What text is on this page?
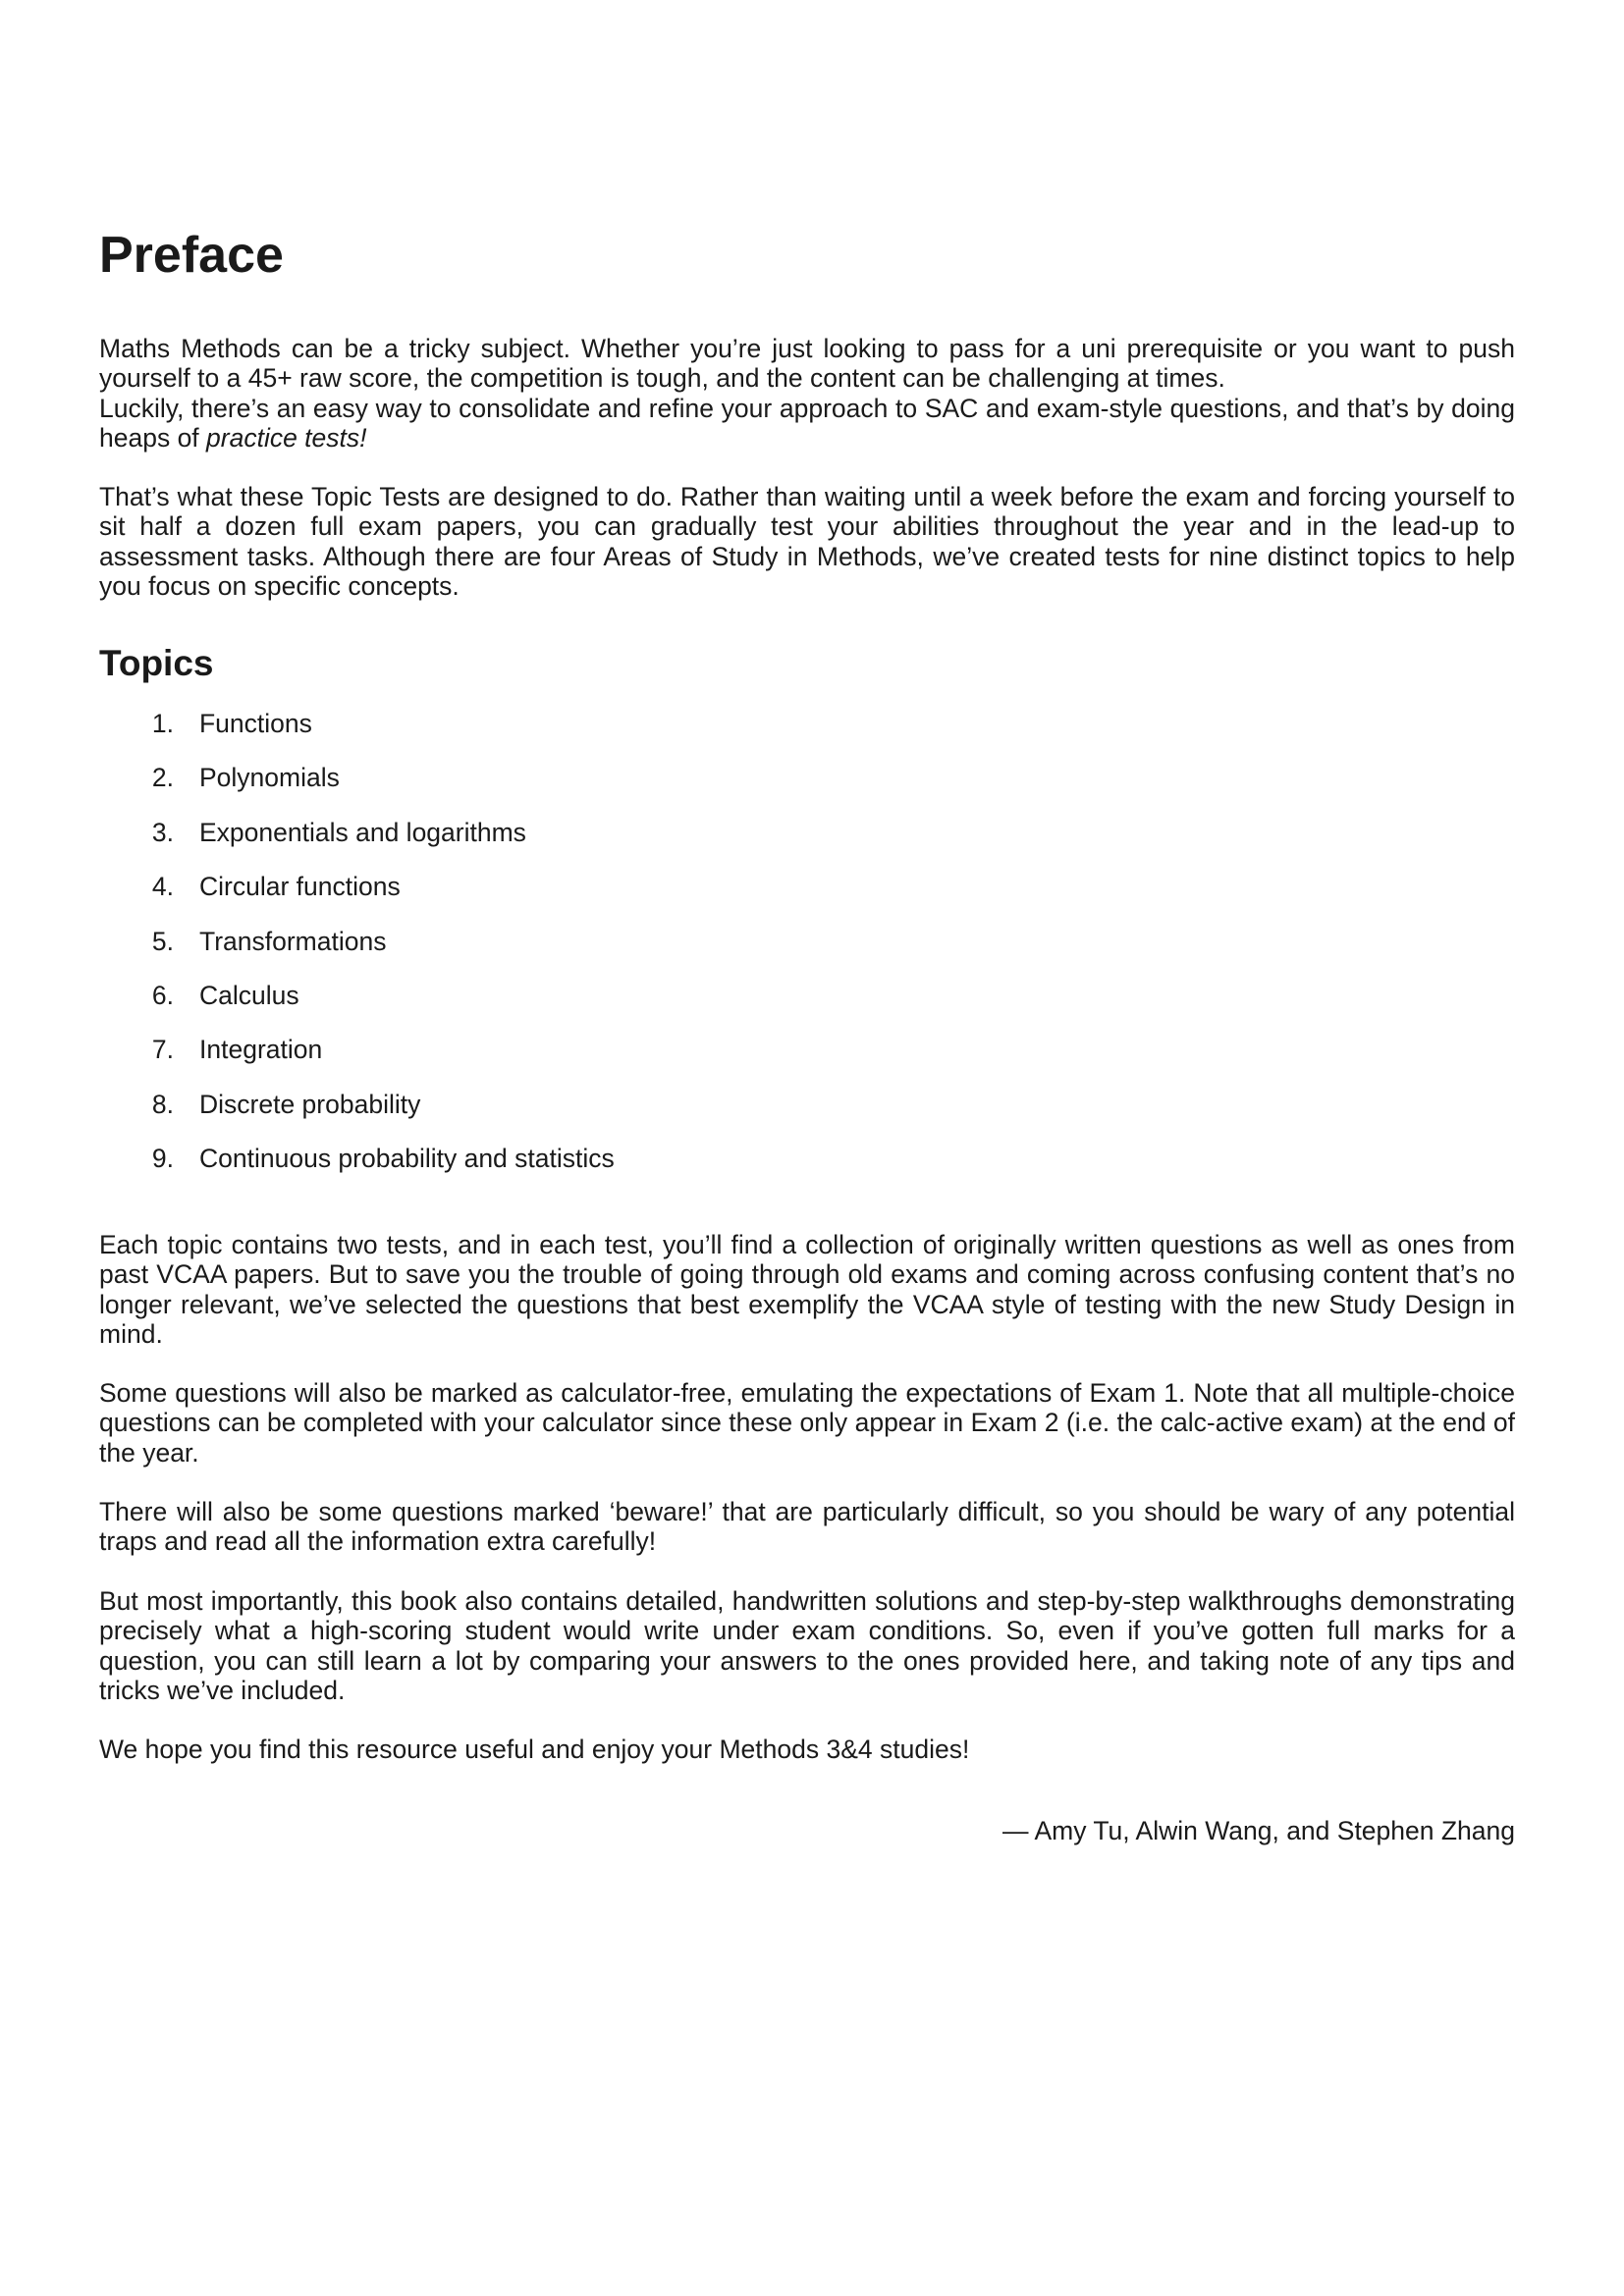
Preface

Maths Methods can be a tricky subject. Whether you’re just looking to pass for a uni prerequisite or you want to push yourself to a 45+ raw score, the competition is tough, and the content can be challenging at times.

Luckily, there’s an easy way to consolidate and refine your approach to SAC and exam-style questions, and that’s by doing heaps of practice tests!

That’s what these Topic Tests are designed to do. Rather than waiting until a week before the exam and forcing yourself to sit half a dozen full exam papers, you can gradually test your abilities throughout the year and in the lead-up to assessment tasks. Although there are four Areas of Study in Methods, we’ve created tests for nine distinct topics to help you focus on specific concepts.

Topics
1. Functions
2. Polynomials
3. Exponentials and logarithms
4. Circular functions
5. Transformations
6. Calculus
7. Integration
8. Discrete probability
9. Continuous probability and statistics

Each topic contains two tests, and in each test, you’ll find a collection of originally written questions as well as ones from past VCAA papers. But to save you the trouble of going through old exams and coming across confusing content that’s no longer relevant, we’ve selected the questions that best exemplify the VCAA style of testing with the new Study Design in mind.

Some questions will also be marked as calculator-free, emulating the expectations of Exam 1. Note that all multiple-choice questions can be completed with your calculator since these only appear in Exam 2 (i.e. the calc-active exam) at the end of the year.

There will also be some questions marked ‘beware!’ that are particularly difficult, so you should be wary of any potential traps and read all the information extra carefully!

But most importantly, this book also contains detailed, handwritten solutions and step-by-step walkthroughs demonstrating precisely what a high-scoring student would write under exam conditions. So, even if you’ve gotten full marks for a question, you can still learn a lot by comparing your answers to the ones provided here, and taking note of any tips and tricks we’ve included.

We hope you find this resource useful and enjoy your Methods 3&4 studies!

— Amy Tu, Alwin Wang, and Stephen Zhang
